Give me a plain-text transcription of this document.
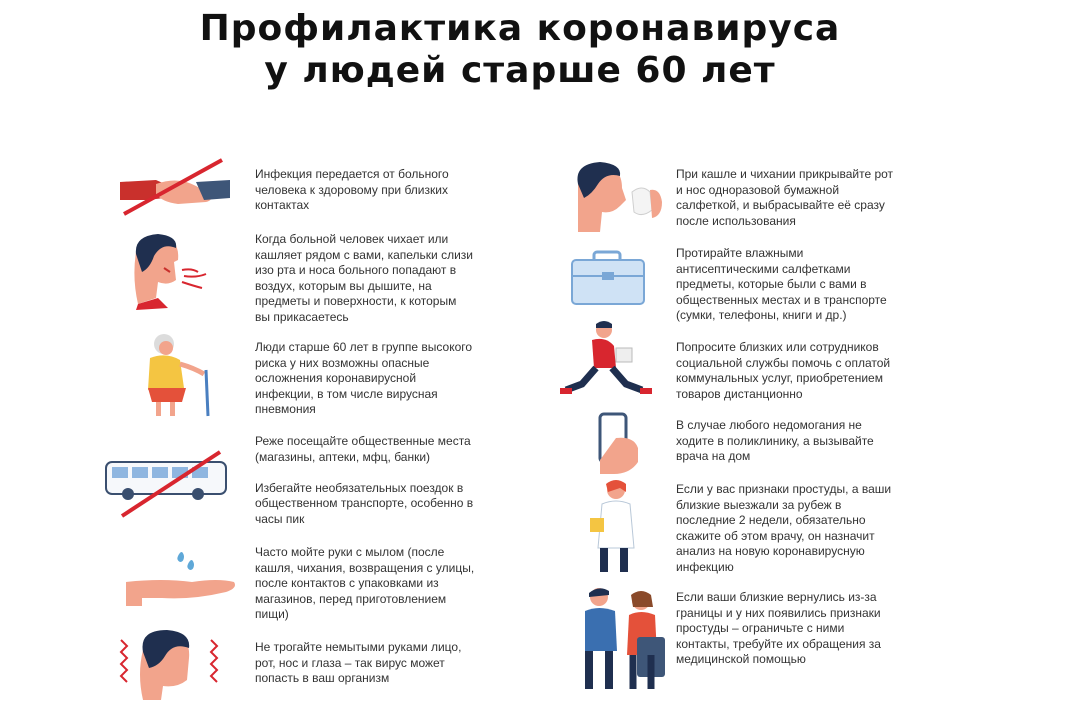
Профилактика коронавируса
у людей старше 60 лет
Инфекция передается от больного
человека к здоровому при близких
контактах
Когда больной человек чихает или
кашляет рядом с вами, капельки слизи
изо рта и носа больного попадают в
воздух, которым вы дышите, на
предметы и поверхности, к которым
вы прикасаетесь
Люди старше 60 лет в группе высокого
риска у них возможны опасные
осложнения коронавирусной
инфекции, в том числе вирусная
пневмония
Реже посещайте общественные места
(магазины, аптеки, мфц, банки)

Избегайте необязательных поездок в
общественном транспорте, особенно в
часы пик
Часто мойте руки с мылом (после
кашля, чихания, возвращения с улицы,
после контактов с упаковками из
магазинов, перед приготовлением
пищи)
Не трогайте немытыми руками лицо,
рот, нос и глаза – так вирус может
попасть в ваш организм
При кашле и чихании прикрывайте рот
и нос одноразовой бумажной
салфеткой, и выбрасывайте её сразу
после использования
Протирайте влажными
антисептическими салфетками
предметы, которые были с вами в
общественных местах и в транспорте
(сумки, телефоны, книги и др.)
Попросите близких или сотрудников
социальной службы помочь с оплатой
коммунальных услуг, приобретением
товаров дистанционно
В случае любого недомогания не
ходите в поликлинику, а вызывайте
врача на дом
Если у вас признаки простуды, а ваши
близкие выезжали за рубеж в
последние 2 недели, обязательно
скажите об этом врачу, он назначит
анализ на новую коронавирусную
инфекцию
Если ваши близкие вернулись из-за
границы и у них появились признаки
простуды – ограничьте с ними
контакты, требуйте их обращения за
медицинской помощью
